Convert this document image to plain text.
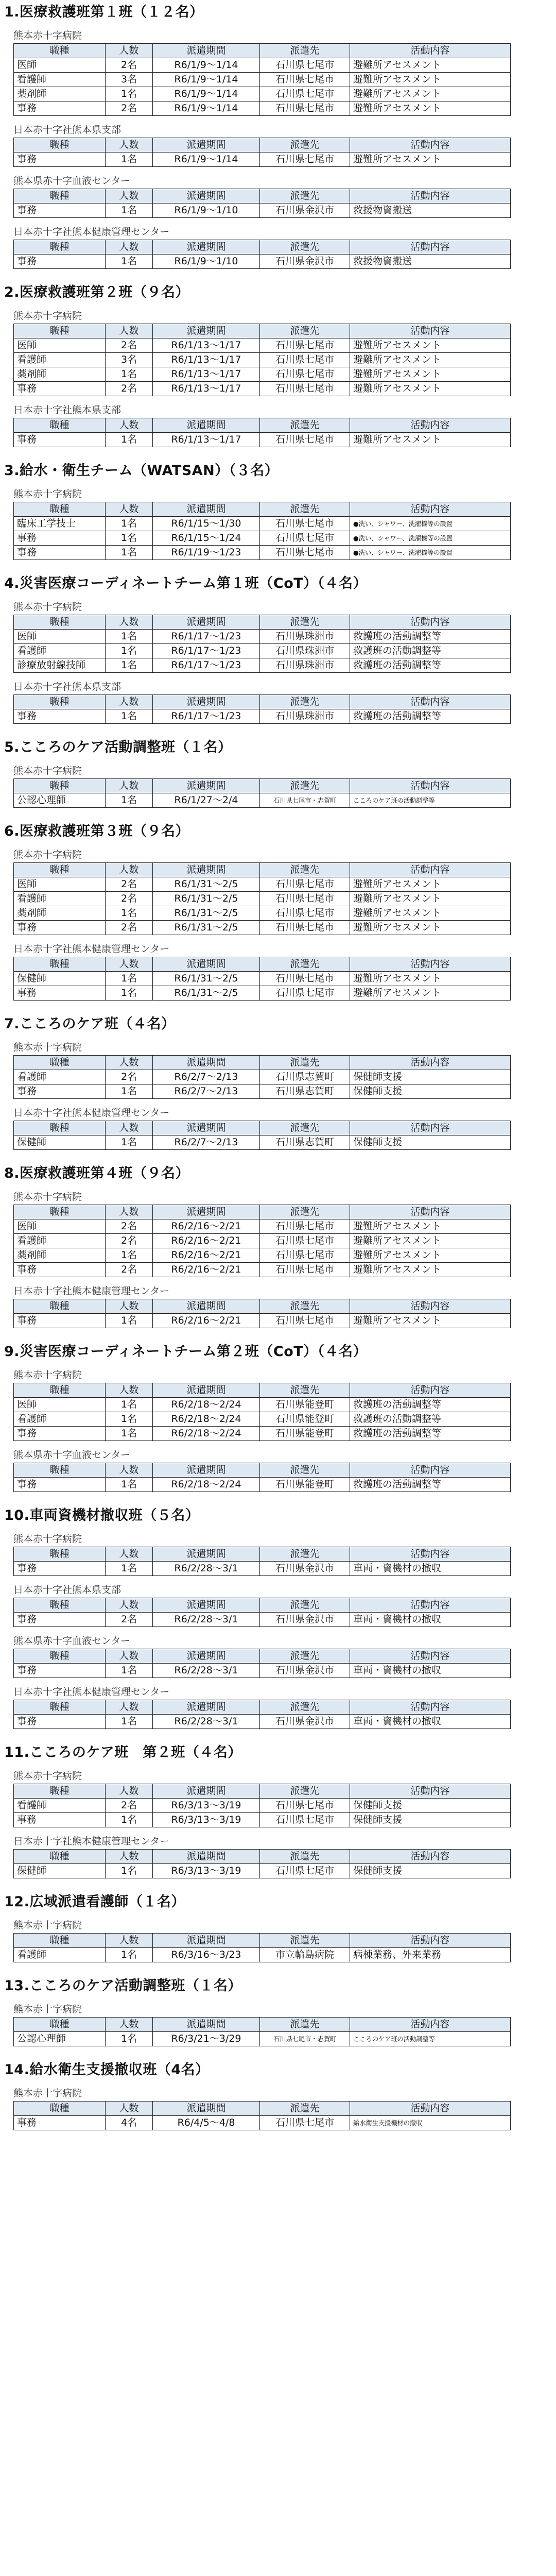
1.医療救護班第１班（１２名）
熊本赤十字病院
職種	人数	派遣期間	派遣先	活動内容
医師	2名	R6/1/9～1/14	石川県七尾市	避難所アセスメント
看護師	3名	R6/1/9～1/14	石川県七尾市	避難所アセスメント
薬剤師	1名	R6/1/9～1/14	石川県七尾市	避難所アセスメント
事務	2名	R6/1/9～1/14	石川県七尾市	避難所アセスメント
日本赤十字社熊本県支部
職種	人数	派遣期間	派遣先	活動内容
事務	1名	R6/1/9～1/14	石川県七尾市	避難所アセスメント
熊本県赤十字血液センター
職種	人数	派遣期間	派遣先	活動内容
事務	1名	R6/1/9～1/10	石川県金沢市	救援物資搬送
日本赤十字社熊本健康管理センター
職種	人数	派遣期間	派遣先	活動内容
事務	1名	R6/1/9～1/10	石川県金沢市	救援物資搬送
2.医療救護班第２班（９名）
熊本赤十字病院
職種	人数	派遣期間	派遣先	活動内容
医師	2名	R6/1/13～1/17	石川県七尾市	避難所アセスメント
看護師	3名	R6/1/13～1/17	石川県七尾市	避難所アセスメント
薬剤師	1名	R6/1/13～1/17	石川県七尾市	避難所アセスメント
事務	2名	R6/1/13～1/17	石川県七尾市	避難所アセスメント
日本赤十字社熊本県支部
職種	人数	派遣期間	派遣先	活動内容
事務	1名	R6/1/13～1/17	石川県七尾市	避難所アセスメント
3.給水・衛生チーム（WATSAN）（３名）
熊本赤十字病院
職種	人数	派遣期間	派遣先	活動内容
臨床工学技士	1名	R6/1/15～1/30	石川県七尾市	●洗い、シャワー、洗濯機等の設置
事務	1名	R6/1/15～1/24	石川県七尾市	●洗い、シャワー、洗濯機等の設置
事務	1名	R6/1/19～1/23	石川県七尾市	●洗い、シャワー、洗濯機等の設置
4.災害医療コーディネートチーム第１班（CoT）（４名）
熊本赤十字病院
職種	人数	派遣期間	派遣先	活動内容
医師	1名	R6/1/17～1/23	石川県珠洲市	救護班の活動調整等
看護師	1名	R6/1/17～1/23	石川県珠洲市	救護班の活動調整等
診療放射線技師	1名	R6/1/17～1/23	石川県珠洲市	救護班の活動調整等
日本赤十字社熊本県支部
職種	人数	派遣期間	派遣先	活動内容
事務	1名	R6/1/17～1/23	石川県珠洲市	救護班の活動調整等
5.こころのケア活動調整班（１名）
熊本赤十字病院
職種	人数	派遣期間	派遣先	活動内容
公認心理師	1名	R6/1/27～2/4	石川県七尾市・志賀町	こころのケア班の活動調整等
6.医療救護班第３班（９名）
熊本赤十字病院
職種	人数	派遣期間	派遣先	活動内容
医師	2名	R6/1/31～2/5	石川県七尾市	避難所アセスメント
看護師	2名	R6/1/31～2/5	石川県七尾市	避難所アセスメント
薬剤師	1名	R6/1/31～2/5	石川県七尾市	避難所アセスメント
事務	2名	R6/1/31～2/5	石川県七尾市	避難所アセスメント
日本赤十字社熊本健康管理センター
職種	人数	派遣期間	派遣先	活動内容
保健師	1名	R6/1/31～2/5	石川県七尾市	避難所アセスメント
事務	1名	R6/1/31～2/5	石川県七尾市	避難所アセスメント
7.こころのケア班（４名）
熊本赤十字病院
職種	人数	派遣期間	派遣先	活動内容
看護師	2名	R6/2/7～2/13	石川県志賀町	保健師支援
事務	1名	R6/2/7～2/13	石川県志賀町	保健師支援
日本赤十字社熊本健康管理センター
職種	人数	派遣期間	派遣先	活動内容
保健師	1名	R6/2/7～2/13	石川県志賀町	保健師支援
8.医療救護班第４班（９名）
熊本赤十字病院
職種	人数	派遣期間	派遣先	活動内容
医師	2名	R6/2/16～2/21	石川県七尾市	避難所アセスメント
看護師	2名	R6/2/16～2/21	石川県七尾市	避難所アセスメント
薬剤師	1名	R6/2/16～2/21	石川県七尾市	避難所アセスメント
事務	2名	R6/2/16～2/21	石川県七尾市	避難所アセスメント
日本赤十字社熊本健康管理センター
職種	人数	派遣期間	派遣先	活動内容
事務	1名	R6/2/16～2/21	石川県七尾市	避難所アセスメント
9.災害医療コーディネートチーム第２班（CoT）（４名）
熊本赤十字病院
職種	人数	派遣期間	派遣先	活動内容
医師	1名	R6/2/18～2/24	石川県能登町	救護班の活動調整等
看護師	1名	R6/2/18～2/24	石川県能登町	救護班の活動調整等
事務	1名	R6/2/18～2/24	石川県能登町	救護班の活動調整等
熊本県赤十字血液センター
職種	人数	派遣期間	派遣先	活動内容
事務	1名	R6/2/18～2/24	石川県能登町	救護班の活動調整等
10.車両資機材撤収班（５名）
熊本赤十字病院
職種	人数	派遣期間	派遣先	活動内容
事務	1名	R6/2/28～3/1	石川県金沢市	車両・資機材の撤収
日本赤十字社熊本県支部
職種	人数	派遣期間	派遣先	活動内容
事務	2名	R6/2/28～3/1	石川県金沢市	車両・資機材の撤収
熊本県赤十字血液センター
職種	人数	派遣期間	派遣先	活動内容
事務	1名	R6/2/28～3/1	石川県金沢市	車両・資機材の撤収
日本赤十字社熊本健康管理センター
職種	人数	派遣期間	派遣先	活動内容
事務	1名	R6/2/28～3/1	石川県金沢市	車両・資機材の撤収
11.こころのケア班　第２班（４名）
熊本赤十字病院
職種	人数	派遣期間	派遣先	活動内容
看護師	2名	R6/3/13～3/19	石川県七尾市	保健師支援
事務	1名	R6/3/13～3/19	石川県七尾市	保健師支援
日本赤十字社熊本健康管理センター
職種	人数	派遣期間	派遣先	活動内容
保健師	1名	R6/3/13～3/19	石川県七尾市	保健師支援
12.広域派遣看護師（１名）
熊本赤十字病院
職種	人数	派遣期間	派遣先	活動内容
看護師	1名	R6/3/16～3/23	市立輪島病院	病棟業務、外来業務
13.こころのケア活動調整班（１名）
熊本赤十字病院
職種	人数	派遣期間	派遣先	活動内容
公認心理師	1名	R6/3/21～3/29	石川県七尾市・志賀町	こころのケア班の活動調整等
14.給水衛生支援撤収班（4名）
熊本赤十字病院
職種	人数	派遣期間	派遣先	活動内容
事務	4名	R6/4/5～4/8	石川県七尾市	給水衛生支援機材の撤収
